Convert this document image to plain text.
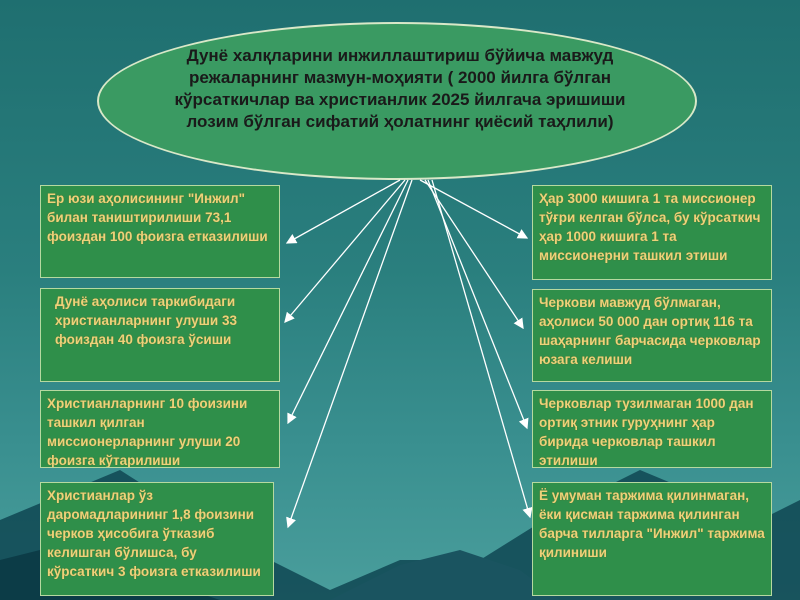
Дунё халқларини инжиллаштириш бўйича мавжуд режаларнинг мазмун-моҳияти ( 2000 йилга бўлган кўрсаткичлар ва христианлик 2025 йилгача эришиши лозим бўлган сифатий ҳолатнинг қиёсий таҳлили)
Ер юзи аҳолисининг "Инжил" билан таништирилиши 73,1 фоиздан 100 фоизга етказилиши
Дунё аҳолиси таркибидаги христианларнинг улуши 33 фоиздан 40 фоизга ўсиши
Христианларнинг 10 фоизини ташкил қилган миссионерларнинг улуши 20 фоизга кўтарилиши
Христианлар ўз даромадларининг 1,8 фоизини черков ҳисобига ўтказиб келишган бўлишса, бу кўрсаткич 3 фоизга етказилиши
Ҳар 3000 кишига 1 та миссионер тўғри келган бўлса, бу кўрсаткич ҳар 1000 кишига 1 та миссионерни ташкил этиши
Черкови мавжуд бўлмаган, аҳолиси 50 000 дан ортиқ 116 та шаҳарнинг барчасида черковлар юзага келиши
Черковлар тузилмаган 1000 дан ортиқ этник гуруҳнинг ҳар бирида черковлар ташкил этилиши
Ё умуман таржима қилинмаган, ёки қисман таржима қилинган барча тилларга "Инжил" таржима қилиниши
